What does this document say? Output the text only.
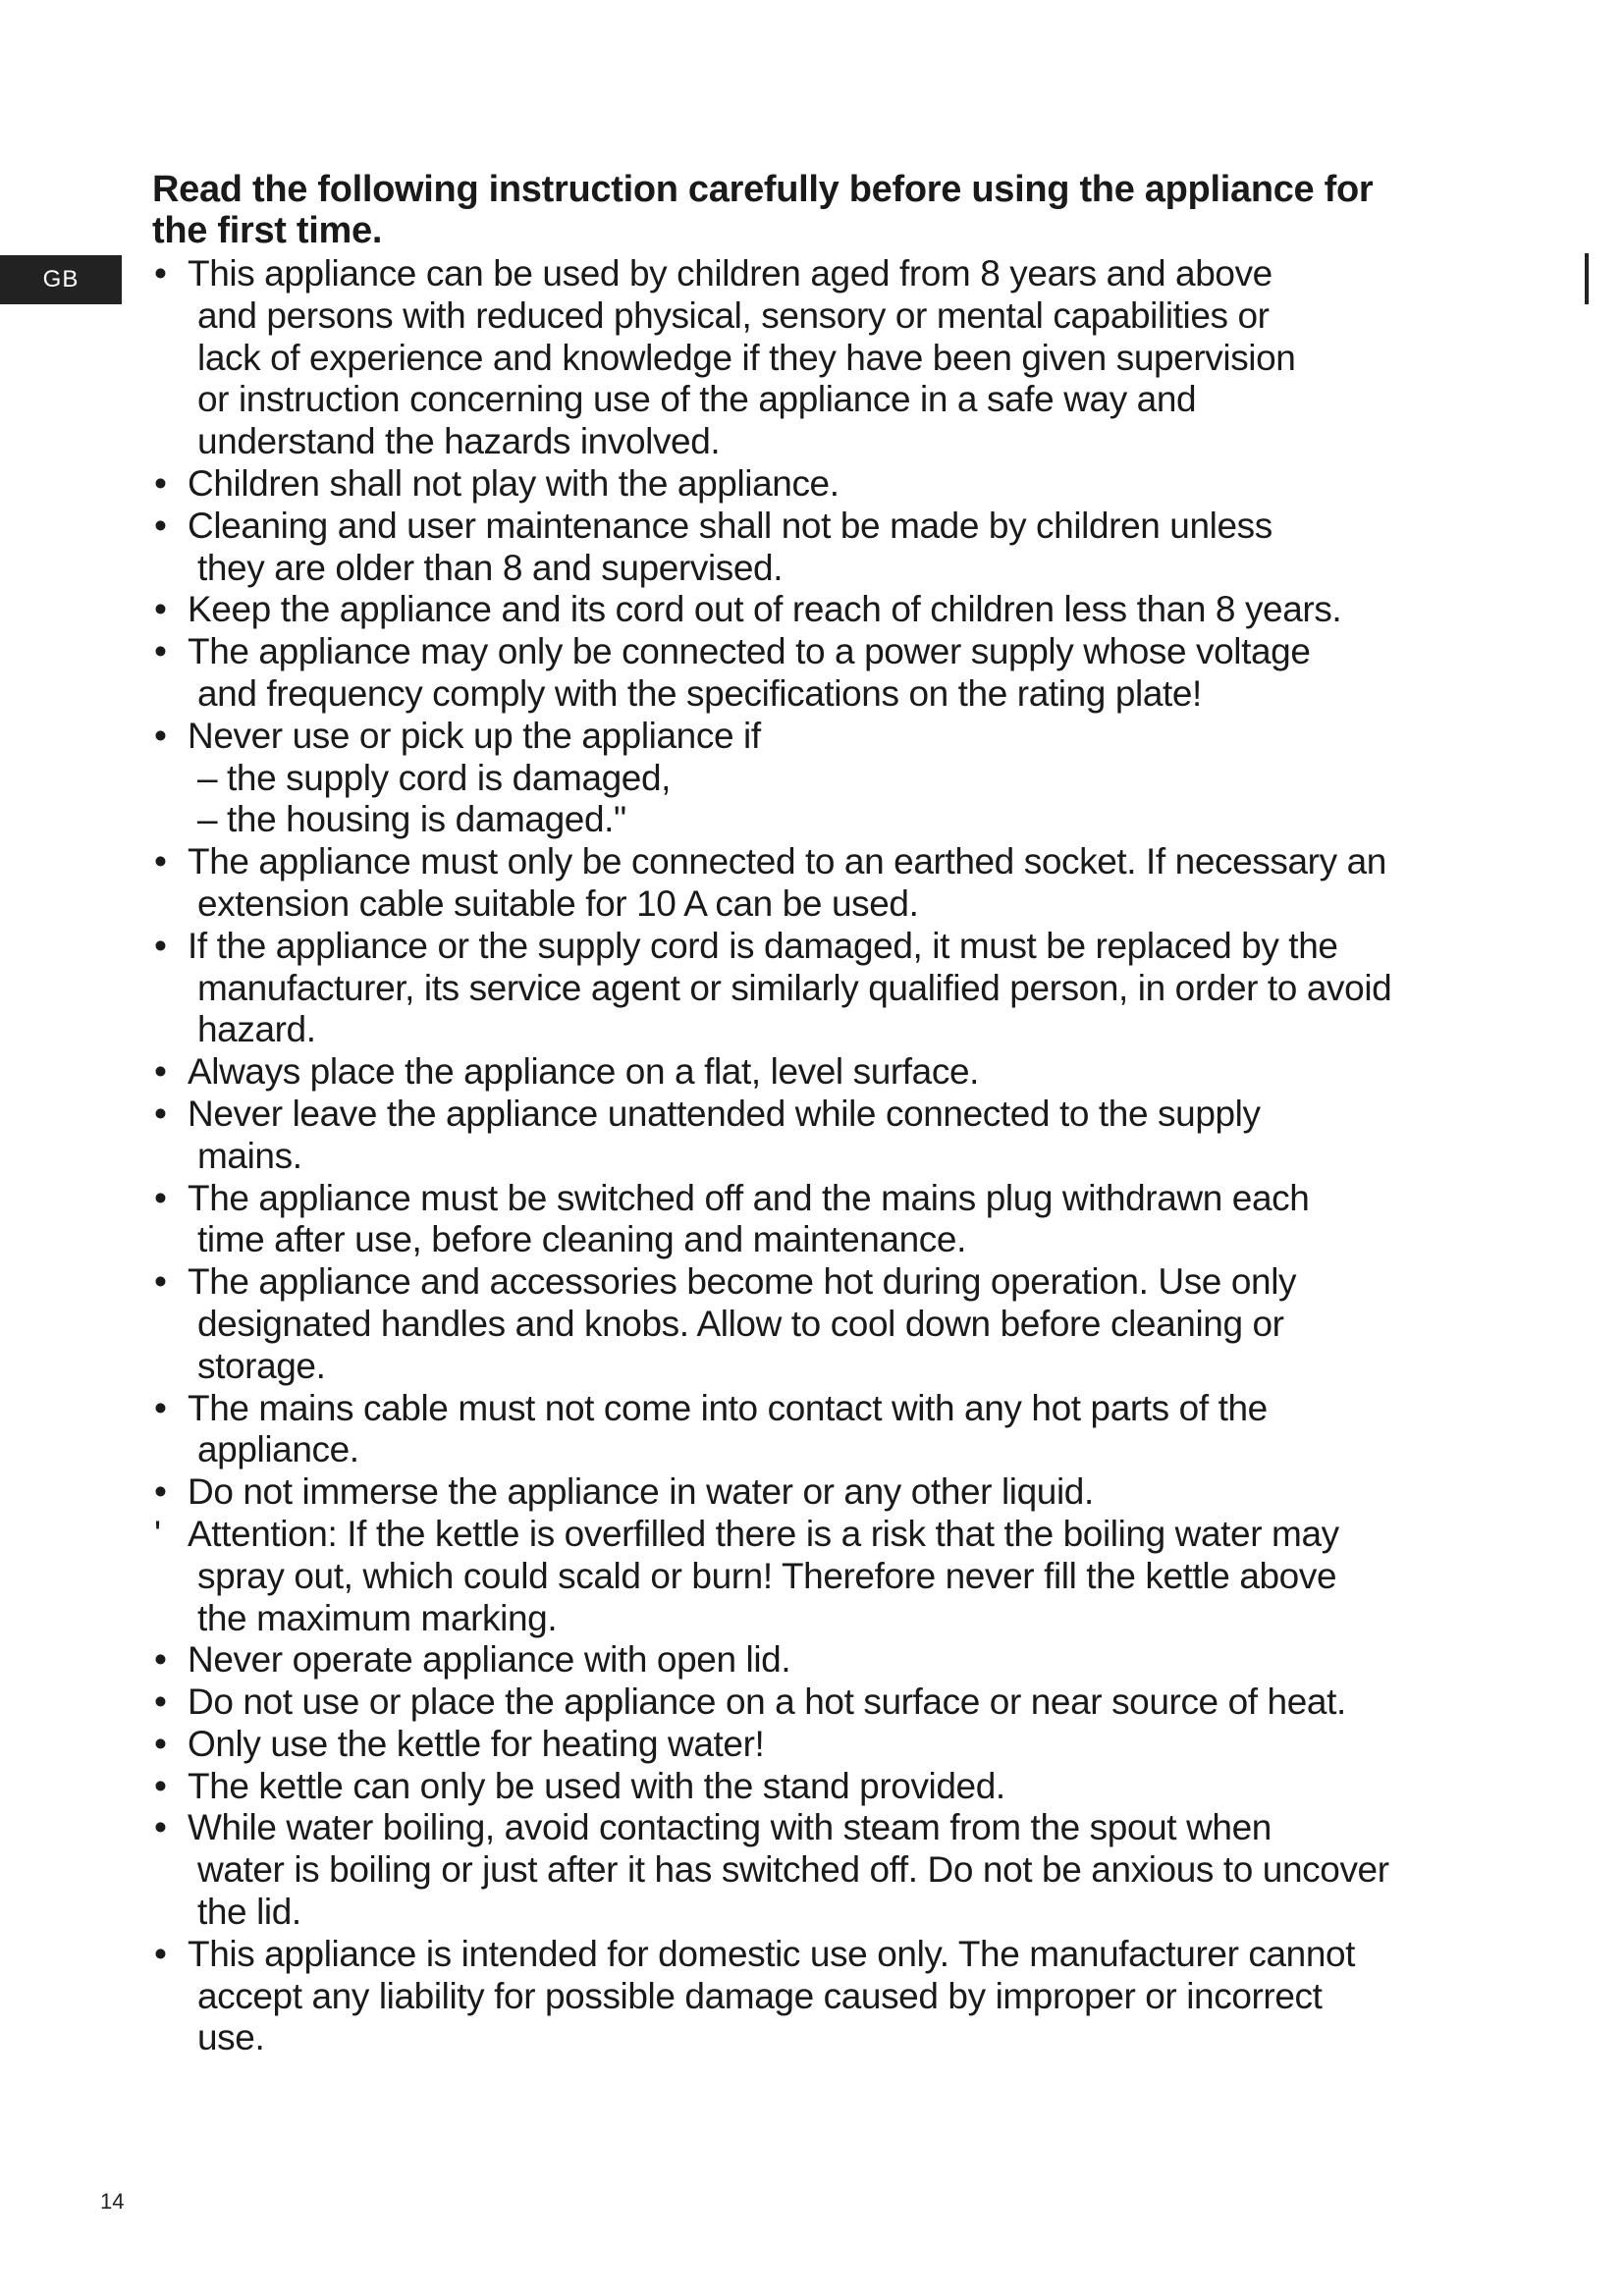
GB
Read the following instruction carefully before using the appliance for
the first time.
• This appliance can be used by children aged from 8 years and above
and persons with reduced physical, sensory or mental capabilities or
lack of experience and knowledge if they have been given supervision
or instruction concerning use of the appliance in a safe way and
understand the hazards involved.
• Children shall not play with the appliance.
• Cleaning and user maintenance shall not be made by children unless
they are older than 8 and supervised.
• Keep the appliance and its cord out of reach of children less than 8 years.
• The appliance may only be connected to a power supply whose voltage
and frequency comply with the specifications on the rating plate!
• Never use or pick up the appliance if
– the supply cord is damaged,
– the housing is damaged."
• The appliance must only be connected to an earthed socket. If necessary an
extension cable suitable for 10 A can be used.
• If the appliance or the supply cord is damaged, it must be replaced by the
manufacturer, its service agent or similarly qualified person, in order to avoid
hazard.
• Always place the appliance on a flat, level surface.
• Never leave the appliance unattended while connected to the supply
mains.
• The appliance must be switched off and the mains plug withdrawn each
time after use, before cleaning and maintenance.
• The appliance and accessories become hot during operation. Use only
designated handles and knobs. Allow to cool down before cleaning or
storage.
• The mains cable must not come into contact with any hot parts of the
appliance.
• Do not immerse the appliance in water or any other liquid.
' Attention: If the kettle is overfilled there is a risk that the boiling water may
spray out, which could scald or burn! Therefore never fill the kettle above
the maximum marking.
• Never operate appliance with open lid.
• Do not use or place the appliance on a hot surface or near source of heat.
• Only use the kettle for heating water!
• The kettle can only be used with the stand provided.
• While water boiling, avoid contacting with steam from the spout when
water is boiling or just after it has switched off. Do not be anxious to uncover
the lid.
• This appliance is intended for domestic use only. The manufacturer cannot
accept any liability for possible damage caused by improper or incorrect
use.
14
